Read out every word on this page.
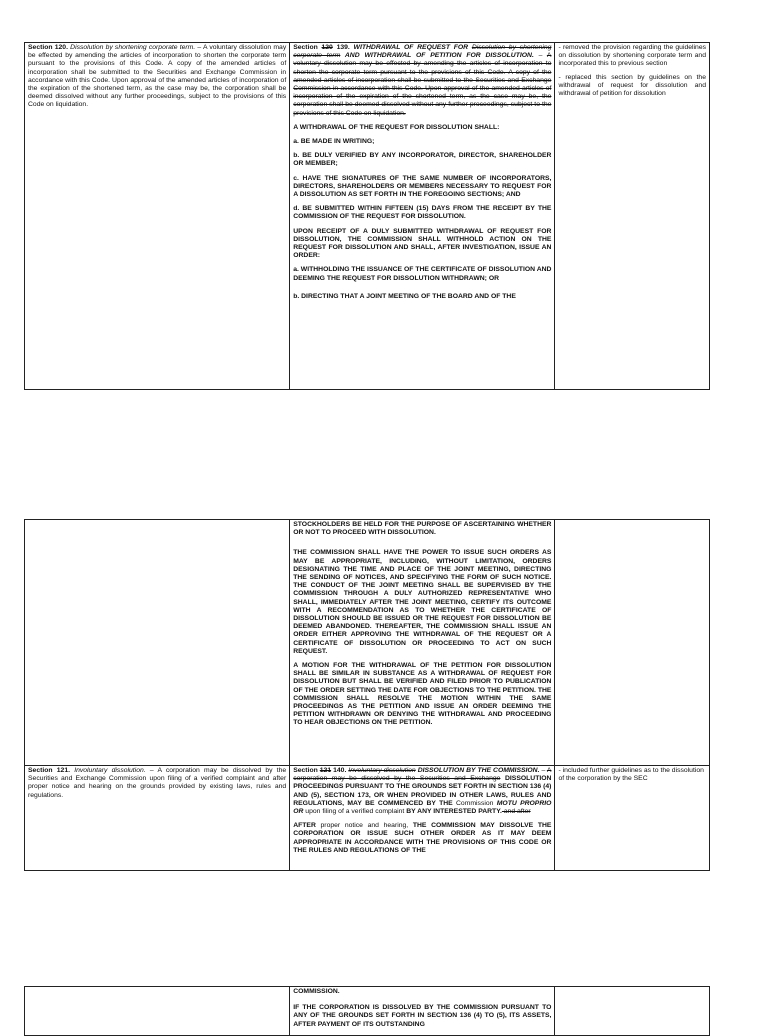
Section 120. Dissolution by shortening corporate term. – A voluntary dissolution may be effected by amending the articles of incorporation to shorten the corporate term pursuant to the provisions of this Code. A copy of the amended articles of incorporation shall be submitted to the Securities and Exchange Commission in accordance with this Code. Upon approval of the amended articles of incorporation of the expiration of the shortened term, as the case may be, the corporation shall be deemed dissolved without any further proceedings, subject to the provisions of this Code on liquidation.

Section 120 139. WITHDRAWAL OF REQUEST FOR Dissolution by shortening corporate term AND WITHDRAWAL OF PETITION FOR DISSOLUTION. – A voluntary dissolution may be effected by amending the articles of incorporation to shorten the corporate term pursuant to the provisions of this Code. A copy of the amended articles of incorporation shall be submitted to the Securities and Exchange Commission in accordance with this Code. Upon approval of the amended articles of incorporation of the expiration of the shortened term, as the case may be, the corporation shall be deemed dissolved without any further proceedings, subject to the provisions of this Code on liquidation.

A WITHDRAWAL OF THE REQUEST FOR DISSOLUTION SHALL:

a. BE MADE IN WRITING;

b. BE DULY VERIFIED BY ANY INCORPORATOR, DIRECTOR, SHAREHOLDER OR MEMBER;

c. HAVE THE SIGNATURES OF THE SAME NUMBER OF INCORPORATORS, DIRECTORS, SHAREHOLDERS OR MEMBERS NECESSARY TO REQUEST FOR A DISSOLUTION AS SET FORTH IN THE FOREGOING SECTIONS; AND

d. BE SUBMITTED WITHIN FIFTEEN (15) DAYS FROM THE RECEIPT BY THE COMMISSION OF THE REQUEST FOR DISSOLUTION.

UPON RECEIPT OF A DULY SUBMITTED WITHDRAWAL OF REQUEST FOR DISSOLUTION, THE COMMISSION SHALL WITHHOLD ACTION ON THE REQUEST FOR DISSOLUTION AND SHALL, AFTER INVESTIGATION, ISSUE AN ORDER:

a. WITHHOLDING THE ISSUANCE OF THE CERTIFICATE OF DISSOLUTION AND DEEMING THE REQUEST FOR DISSOLUTION WITHDRAWN; OR

b. DIRECTING THAT A JOINT MEETING OF THE BOARD AND OF THE

- removed the provision regarding the guidelines on dissolution by shortening corporate term and incorporated this to previous section

- replaced this section by guidelines on the withdrawal of request for dissolution and withdrawal of petition for dissolution

Section 121. Involuntary dissolution. – A corporation may be dissolved by the Securities and Exchange Commission upon filing of a verified complaint and after proper notice and hearing on the grounds provided by existing laws, rules and regulations.

STOCKHOLDERS BE HELD FOR THE PURPOSE OF ASCERTAINING WHETHER OR NOT TO PROCEED WITH DISSOLUTION.

THE COMMISSION SHALL HAVE THE POWER TO ISSUE SUCH ORDERS AS MAY BE APPROPRIATE, INCLUDING, WITHOUT LIMITATION, ORDERS DESIGNATING THE TIME AND PLACE OF THE JOINT MEETING, DIRECTING THE SENDING OF NOTICES, AND SPECIFYING THE FORM OF SUCH NOTICE. THE CONDUCT OF THE JOINT MEETING SHALL BE SUPERVISED BY THE COMMISSION THROUGH A DULY AUTHORIZED REPRESENTATIVE WHO SHALL, IMMEDIATELY AFTER THE JOINT MEETING, CERTIFY ITS OUTCOME WITH A RECOMMENDATION AS TO WHETHER THE CERTIFICATE OF DISSOLUTION SHOULD BE ISSUED OR THE REQUEST FOR DISSOLUTION BE DEEMED ABANDONED. THEREAFTER, THE COMMISSION SHALL ISSUE AN ORDER EITHER APPROVING THE WITHDRAWAL OF THE REQUEST OR A CERTIFICATE OF DISSOLUTION OR PROCEEDING TO ACT ON SUCH REQUEST.

A MOTION FOR THE WITHDRAWAL OF THE PETITION FOR DISSOLUTION SHALL BE SIMILAR IN SUBSTANCE AS A WITHDRAWAL OF REQUEST FOR DISSOLUTION BUT SHALL BE VERIFIED AND FILED PRIOR TO PUBLICATION OF THE ORDER SETTING THE DATE FOR OBJECTIONS TO THE PETITION. THE COMMISSION SHALL RESOLVE THE MOTION WITHIN THE SAME PROCEEDINGS AS THE PETITION AND ISSUE AN ORDER DEEMING THE PETITION WITHDRAWN OR DENYING THE WITHDRAWAL AND PROCEEDING TO HEAR OBJECTIONS ON THE PETITION.

Section 121 140. Involuntary dissolution DISSOLUTION BY THE COMMISSION. – A corporation may be dissolved by the Securities and Exchange DISSOLUTION PROCEEDINGS PURSUANT TO THE GROUNDS SET FORTH IN SECTION 136 (4) AND (5), SECTION 173, OR WHEN PROVIDED IN OTHER LAWS, RULES AND REGULATIONS, MAY BE COMMENCED BY THE Commission MOTU PROPRIO OR upon filing of a verified complaint BY ANY INTERESTED PARTY. and after

AFTER proper notice and hearing, THE COMMISSION MAY DISSOLVE THE CORPORATION OR ISSUE SUCH OTHER ORDER AS IT MAY DEEM APPROPRIATE IN ACCORDANCE WITH THE PROVISIONS OF THIS CODE OR THE RULES AND REGULATIONS OF THE

- included further guidelines as to the dissolution of the corporation by the SEC

COMMISSION.

IF THE CORPORATION IS DISSOLVED BY THE COMMISSION PURSUANT TO ANY OF THE GROUNDS SET FORTH IN SECTION 136 (4) TO (5), ITS ASSETS, AFTER PAYMENT OF ITS OUTSTANDING
